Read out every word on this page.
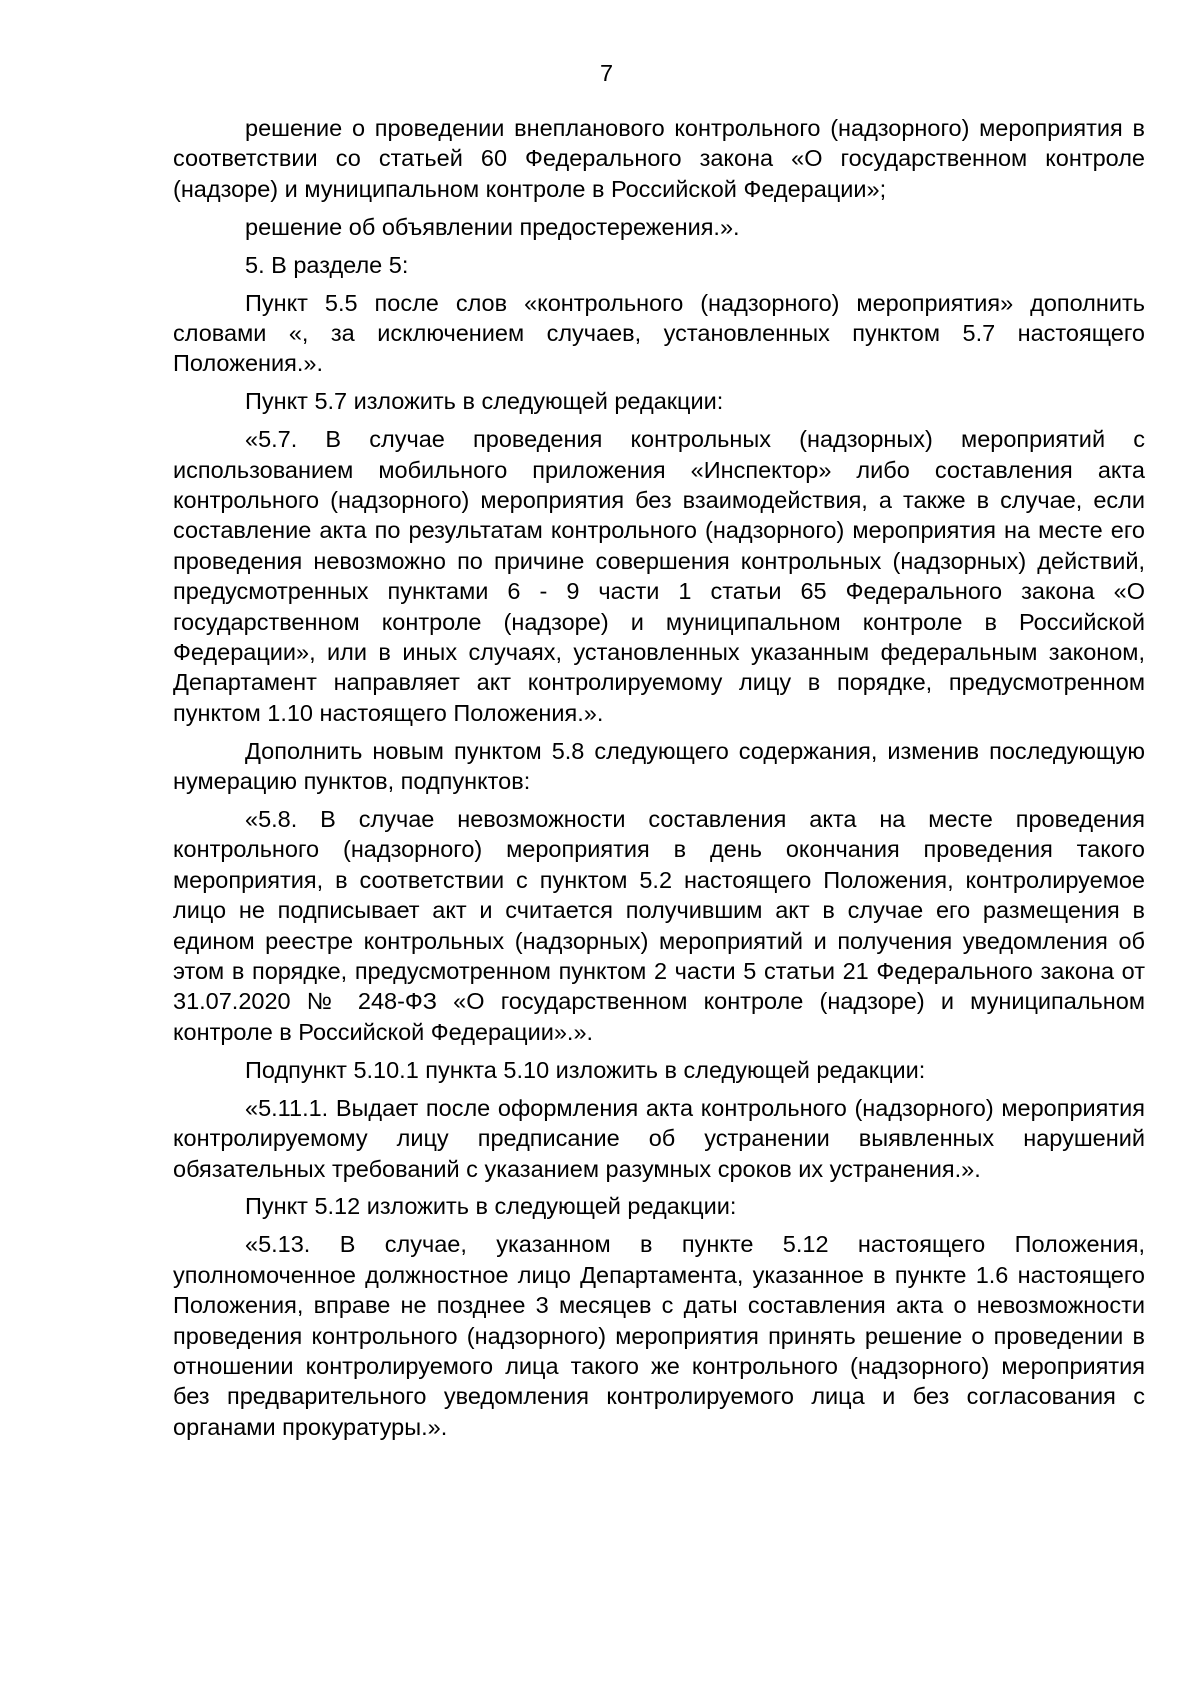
7

решение о проведении внепланового контрольного (надзорного) мероприятия в соответствии со статьей 60 Федерального закона «О государственном контроле (надзоре) и муниципальном контроле в Российской Федерации»;

решение об объявлении предостережения.».

5. В разделе 5:

Пункт 5.5 после слов «контрольного (надзорного) мероприятия» дополнить словами «, за исключением случаев, установленных пунктом 5.7 настоящего Положения.».

Пункт 5.7 изложить в следующей редакции:

«5.7. В случае проведения контрольных (надзорных) мероприятий с использованием мобильного приложения «Инспектор» либо составления акта контрольного (надзорного) мероприятия без взаимодействия, а также в случае, если составление акта по результатам контрольного (надзорного) мероприятия на месте его проведения невозможно по причине совершения контрольных (надзорных) действий, предусмотренных пунктами 6 - 9 части 1 статьи 65 Федерального закона «О государственном контроле (надзоре) и муниципальном контроле в Российской Федерации», или в иных случаях, установленных указанным федеральным законом, Департамент направляет акт контролируемому лицу в порядке, предусмотренном пунктом 1.10 настоящего Положения.».

Дополнить новым пунктом 5.8 следующего содержания, изменив последующую нумерацию пунктов, подпунктов:

«5.8. В случае невозможности составления акта на месте проведения контрольного (надзорного) мероприятия в день окончания проведения такого мероприятия, в соответствии с пунктом 5.2 настоящего Положения, контролируемое лицо не подписывает акт и считается получившим акт в случае его размещения в едином реестре контрольных (надзорных) мероприятий и получения уведомления об этом в порядке, предусмотренном пунктом 2 части 5 статьи 21 Федерального закона от 31.07.2020 № 248-ФЗ «О государственном контроле (надзоре) и муниципальном контроле в Российской Федерации».».

Подпункт 5.10.1 пункта 5.10 изложить в следующей редакции:

«5.11.1. Выдает после оформления акта контрольного (надзорного) мероприятия контролируемому лицу предписание об устранении выявленных нарушений обязательных требований с указанием разумных сроков их устранения.».

Пункт 5.12 изложить в следующей редакции:

«5.13. В случае, указанном в пункте 5.12 настоящего Положения, уполномоченное должностное лицо Департамента, указанное в пункте 1.6 настоящего Положения, вправе не позднее 3 месяцев с даты составления акта о невозможности проведения контрольного (надзорного) мероприятия принять решение о проведении в отношении контролируемого лица такого же контрольного (надзорного) мероприятия без предварительного уведомления контролируемого лица и без согласования с органами прокуратуры.».
